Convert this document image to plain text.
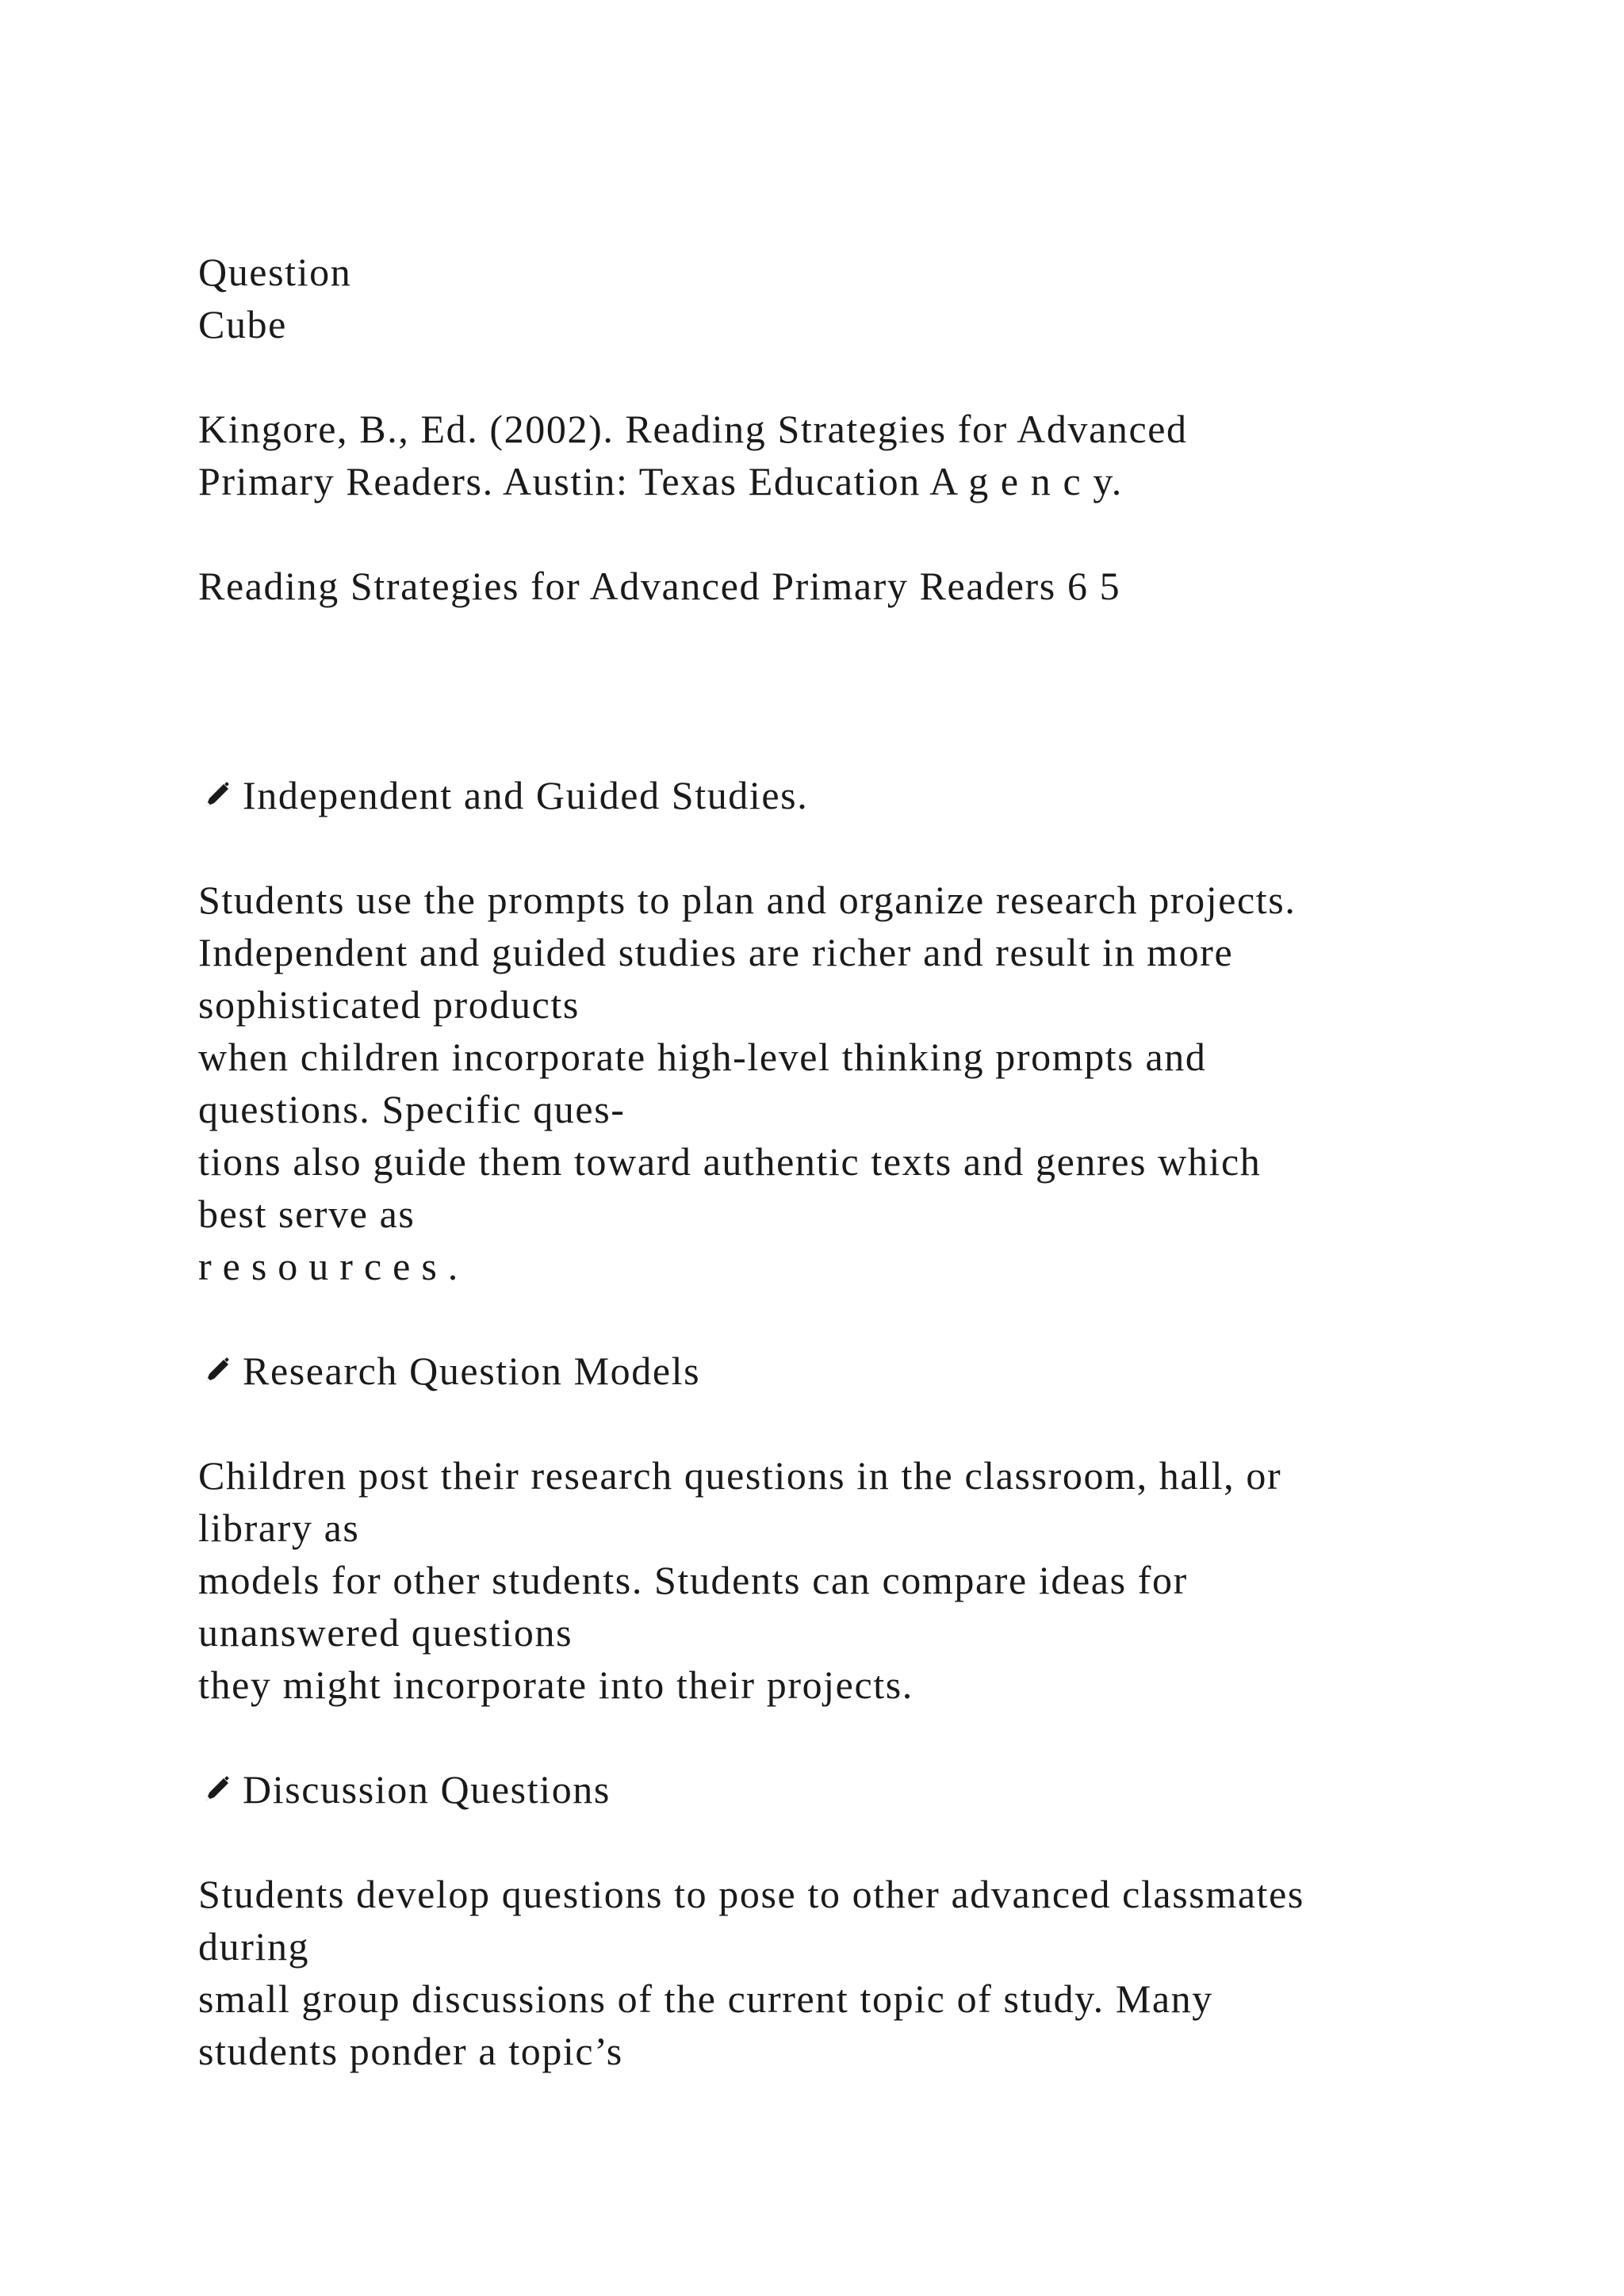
Question
Cube
Kingore, B., Ed. (2002). Reading Strategies for Advanced
Primary Readers. Austin: Texas Education A g e n c y.
Reading Strategies for Advanced Primary Readers 6 5
Independent and Guided Studies.
Students use the prompts to plan and organize research projects.
Independent and guided studies are richer and result in more
sophisticated products
when children incorporate high-level thinking prompts and
questions. Specific ques-
tions also guide them toward authentic texts and genres which
best serve as
resources.
Research Question Models
Children post their research questions in the classroom, hall, or
library as
models for other students. Students can compare ideas for
unanswered questions
they might incorporate into their projects.
Discussion Questions
Students develop questions to pose to other advanced classmates
during
small group discussions of the current topic of study. Many
students ponder a topic’s
